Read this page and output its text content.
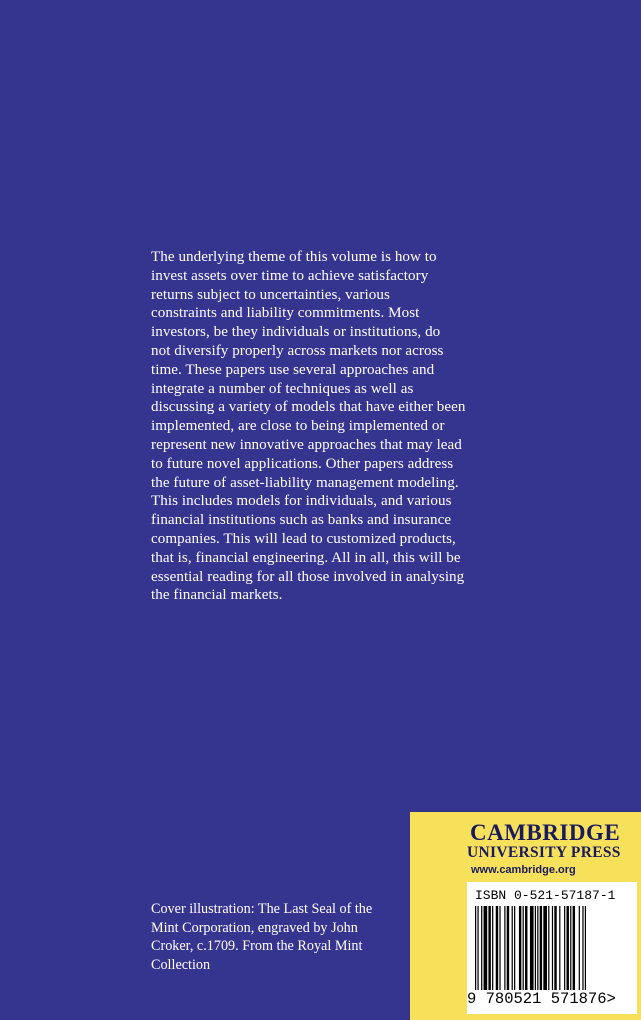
The underlying theme of this volume is how to
invest assets over time to achieve satisfactory
returns subject to uncertainties, various
constraints and liability commitments. Most
investors, be they individuals or institutions, do
not diversify properly across markets nor across
time. These papers use several approaches and
integrate a number of techniques as well as
discussing a variety of models that have either been
implemented, are close to being implemented or
represent new innovative approaches that may lead
to future novel applications. Other papers address
the future of asset-liability management modeling.
This includes models for individuals, and various
financial institutions such as banks and insurance
companies. This will lead to customized products,
that is, financial engineering. All in all, this will be
essential reading for all those involved in analysing
the financial markets.
Cover illustration: The Last Seal of the
Mint Corporation, engraved by John
Croker, c.1709. From the Royal Mint
Collection
CAMBRIDGE
UNIVERSITY PRESS
www.cambridge.org
ISBN 0-521-57187-1
9 780521 571876>
